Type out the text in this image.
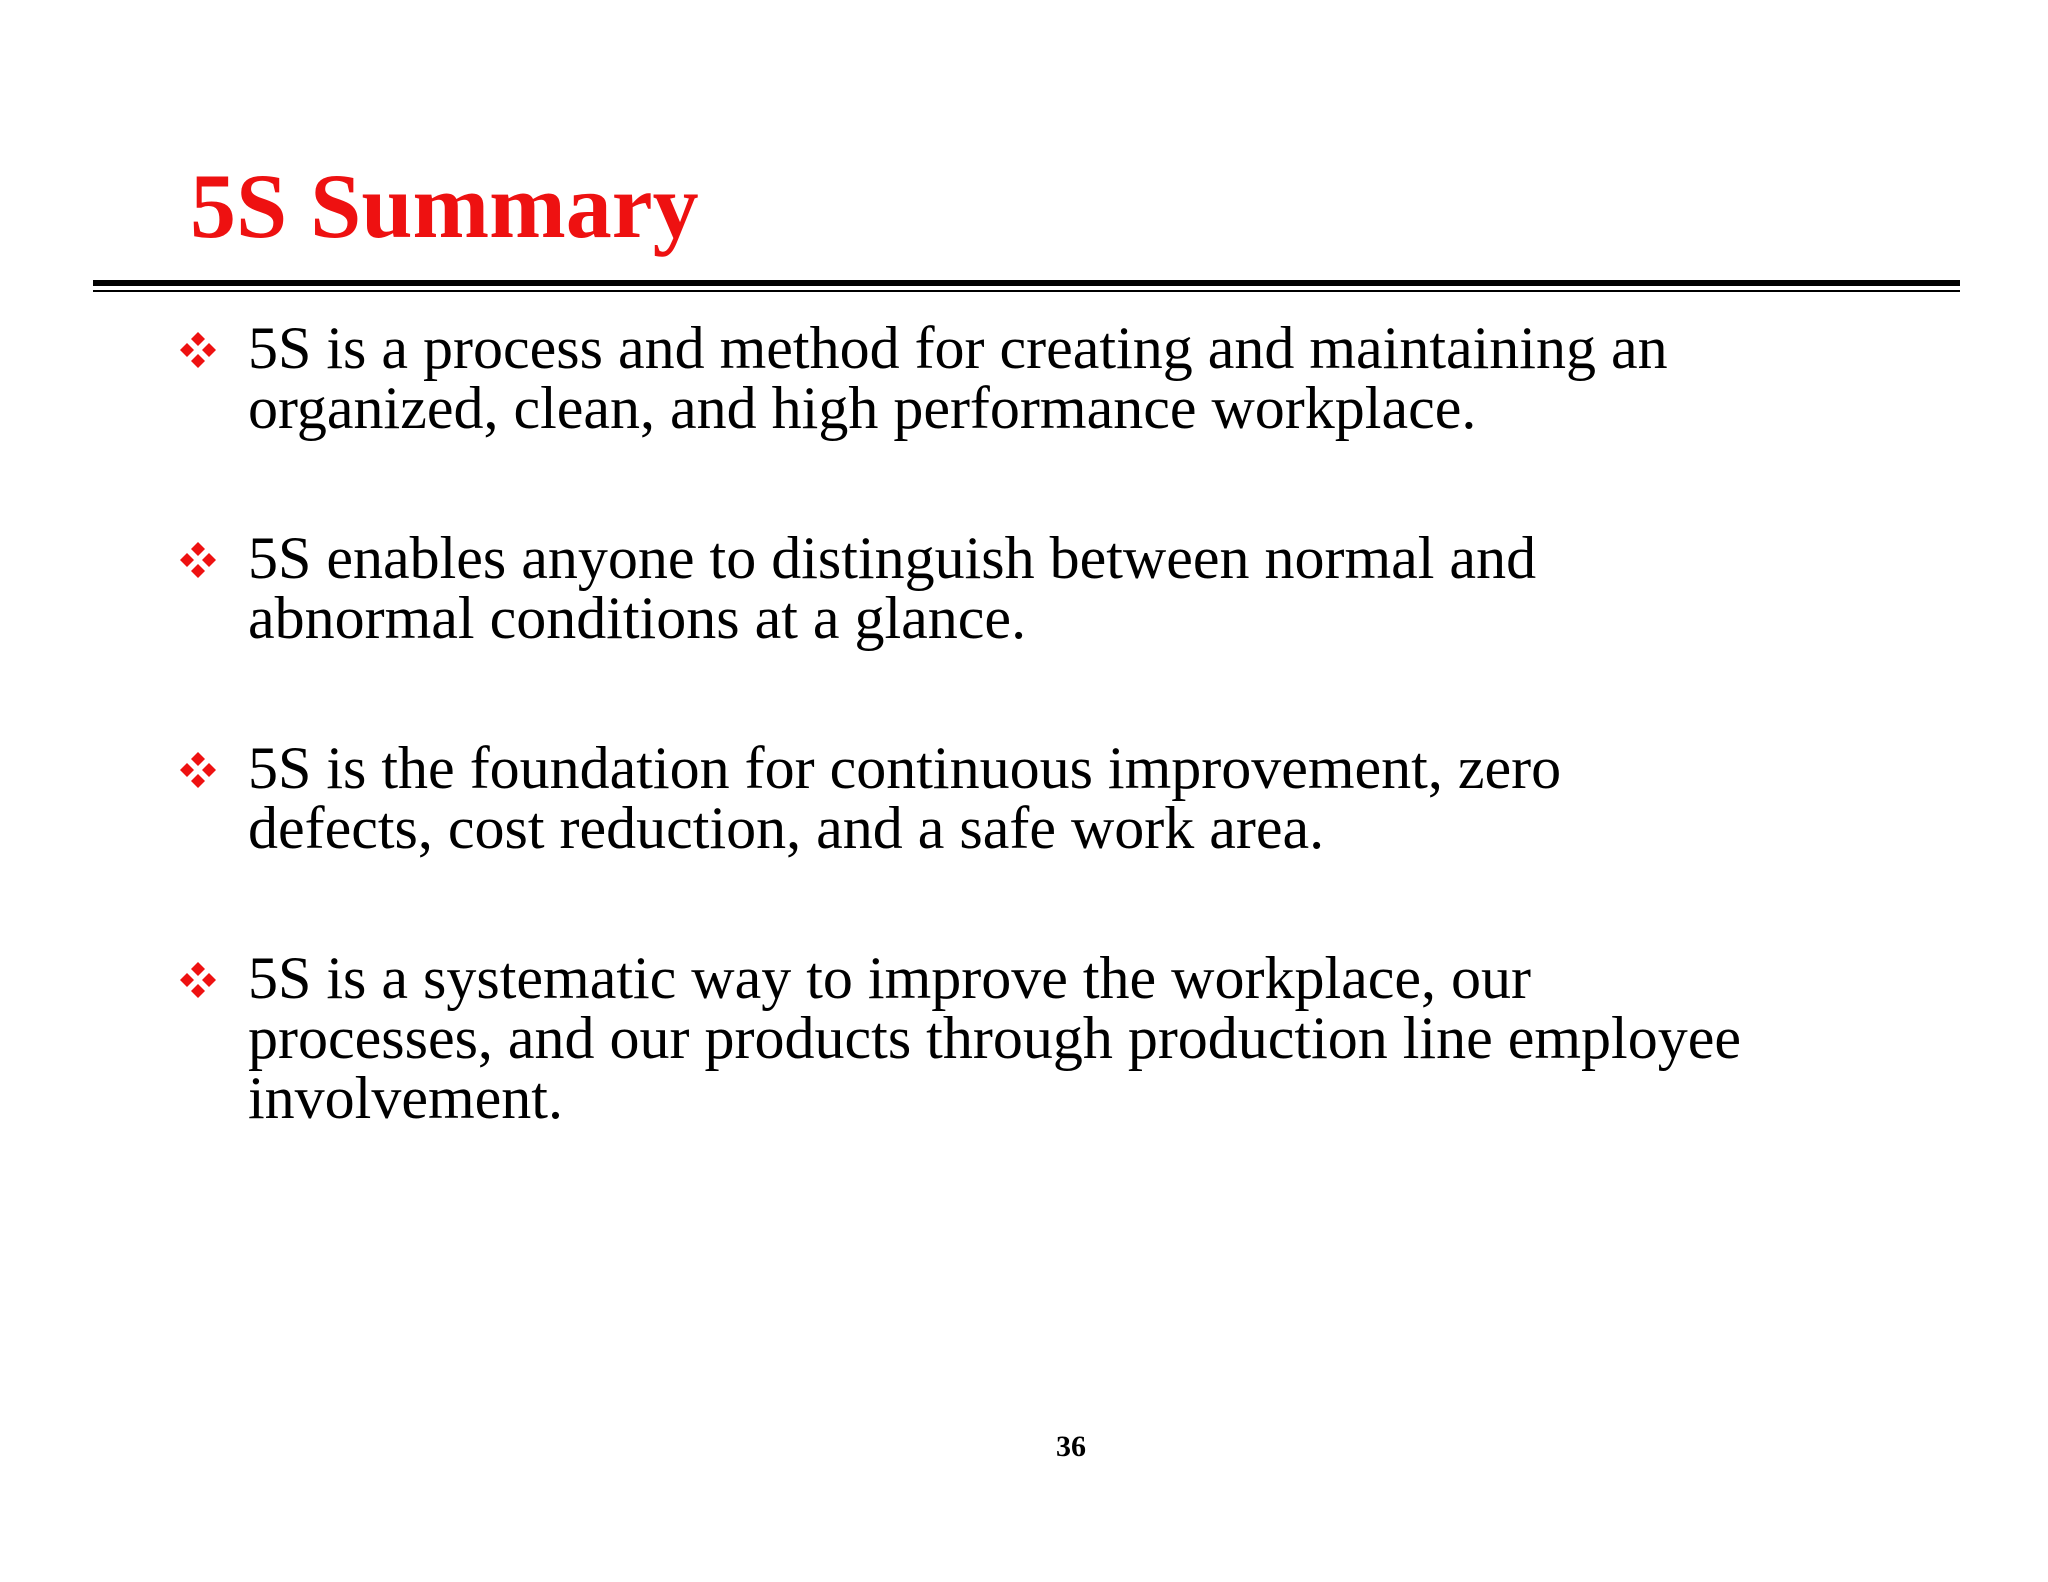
5S Summary
5S is a process and method for creating and maintaining an
organized, clean, and high performance workplace.
5S enables anyone to distinguish between normal and
abnormal conditions at a glance.
5S is the foundation for continuous improvement, zero
defects, cost reduction, and a safe work area.
5S is a systematic way to improve the workplace, our
processes, and our products through production line employee
involvement.
36
